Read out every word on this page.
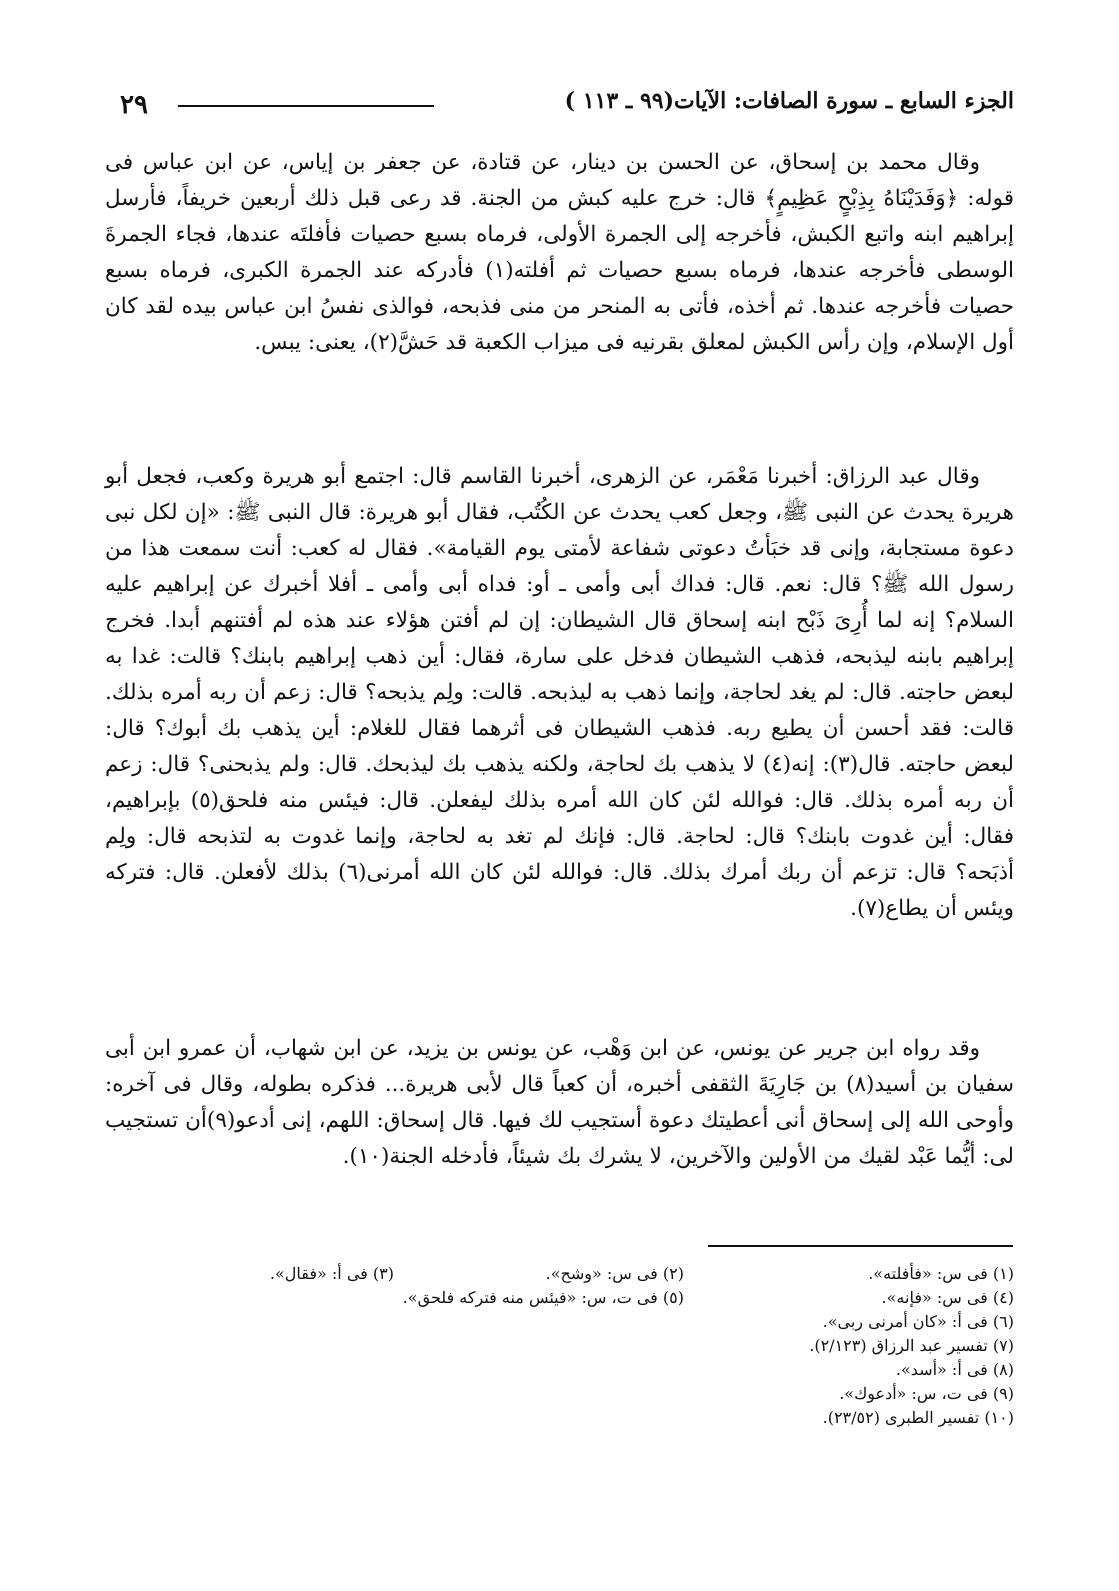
٢٩	الجزء السابع ـ سورة الصافات: الآيات(٩٩ ـ ١١٣ )

وقال محمد بن إسحاق، عن الحسن بن دينار، عن قتادة، عن جعفر بن إياس، عن ابن عباس فى قوله: ﴿وَفَدَيْنَاهُ بِذِبْحٍ عَظِيمٍ﴾ قال: خرج عليه كبش من الجنة. قد رعى قبل ذلك أربعين خريفاً، فأرسل إبراهيم ابنه واتبع الكبش، فأخرجه إلى الجمرة الأولى، فرماه بسبع حصيات فأفلتَه عندها، فجاء الجمرةَ الوسطى فأخرجه عندها، فرماه بسبع حصيات ثم أفلته(١) فأدركه عند الجمرة الكبرى، فرماه بسبع حصيات فأخرجه عندها. ثم أخذه، فأتى به المنحر من منى فذبحه، فوالذى نفسُ ابن عباس بيده لقد كان أول الإسلام، وإن رأس الكبش لمعلق بقرنيه فى ميزاب الكعبة قد حَشَّ(٢)، يعنى: يبس.

وقال عبد الرزاق: أخبرنا مَعْمَر، عن الزهرى، أخبرنا القاسم قال: اجتمع أبو هريرة وكعب، فجعل أبو هريرة يحدث عن النبى ﷺ، وجعل كعب يحدث عن الكُتُب، فقال أبو هريرة: قال النبى ﷺ: «إن لكل نبى دعوة مستجابة، وإنى قد خبَأتُ دعوتى شفاعة لأمتى يوم القيامة». فقال له كعب: أنت سمعت هذا من رسول الله ﷺ؟ قال: نعم. قال: فداك أبى وأمى ـ أو: فداه أبى وأمى ـ أفلا أخبرك عن إبراهيم عليه السلام؟ إنه لما أُرِىَ ذَبْح ابنه إسحاق قال الشيطان: إن لم أفتن هؤلاء عند هذه لم أفتنهم أبدا. فخرج إبراهيم بابنه ليذبحه، فذهب الشيطان فدخل على سارة، فقال: أين ذهب إبراهيم بابنك؟ قالت: غدا به لبعض حاجته. قال: لم يغد لحاجة، وإنما ذهب به ليذبحه. قالت: ولِم يذبحه؟ قال: زعم أن ربه أمره بذلك. قالت: فقد أحسن أن يطيع ربه. فذهب الشيطان فى أثرهما فقال للغلام: أين يذهب بك أبوك؟ قال: لبعض حاجته. قال(٣): إنه(٤) لا يذهب بك لحاجة، ولكنه يذهب بك ليذبحك. قال: ولم يذبحنى؟ قال: زعم أن ربه أمره بذلك. قال: فوالله لئن كان الله أمره بذلك ليفعلن. قال: فيئس منه فلحق(٥) بإبراهيم، فقال: أين غدوت بابنك؟ قال: لحاجة. قال: فإنك لم تغد به لحاجة، وإنما غدوت به لتذبحه قال: ولِم أذبَحه؟ قال: تزعم أن ربك أمرك بذلك. قال: فوالله لئن كان الله أمرنى(٦) بذلك لأفعلن. قال: فتركه ويئس أن يطاع(٧).

وقد رواه ابن جرير عن يونس، عن ابن وَهْب، عن يونس بن يزيد، عن ابن شهاب، أن عمرو ابن أبى سفيان بن أسيد(٨) بن جَارِيَةَ الثقفى أخبره، أن كعباً قال لأبى هريرة... فذكره بطوله، وقال فى آخره: وأوحى الله إلى إسحاق أنى أعطيتك دعوة أستجيب لك فيها. قال إسحاق: اللهم، إنى أدعو(٩)أن تستجيب لى: أيُّما عَبْد لقيك من الأولين والآخرين، لا يشرك بك شيئاً، فأدخله الجنة(١٠).

(١) فى س: «فأفلته».
(٢) فى س: «وشح».
(٣) فى أ: «فقال».
(٤) فى س: «فإنه».
(٥) فى ت، س: «فيئس منه فتركه فلحق».
(٦) فى أ: «كان أمرنى ربى».
(٧) تفسير عبد الرزاق (٢/١٢٣).
(٨) فى أ: «أسد».
(٩) فى ت، س: «أدعوك».
(١٠) تفسير الطبرى (٢٣/٥٢).
